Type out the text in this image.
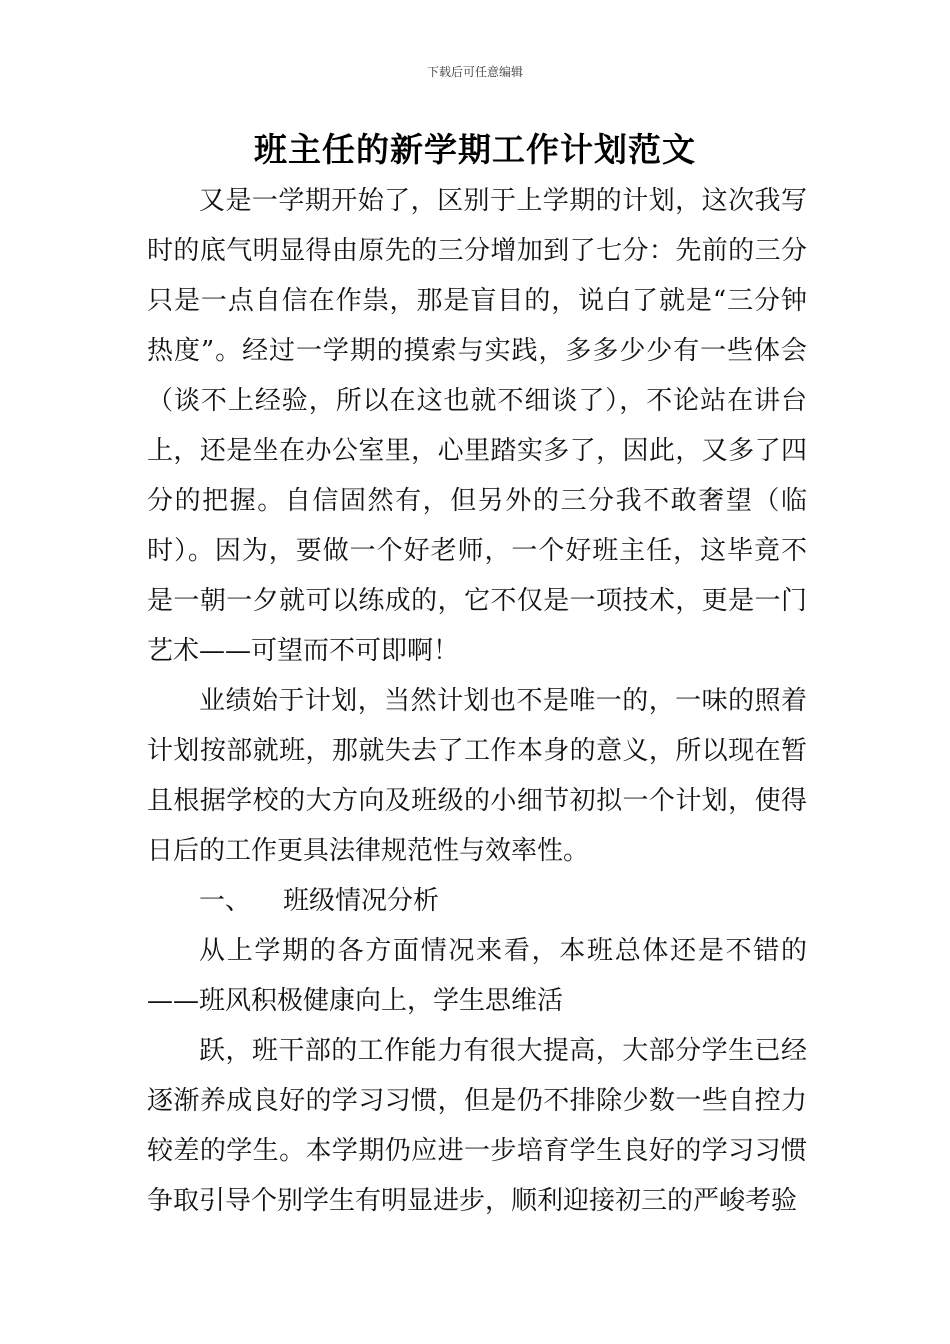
下载后可任意编辑
班主任的新学期工作计划范文

又是一学期开始了，区别于上学期的计划，这次我写时的底气明显得由原先的三分增加到了七分：先前的三分只是一点自信在作祟，那是盲目的，说白了就是“三分钟热度”。经过一学期的摸索与实践，多多少少有一些体会（谈不上经验，所以在这也就不细谈了），不论站在讲台上，还是坐在办公室里，心里踏实多了，因此，又多了四分的把握。自信固然有，但另外的三分我不敢奢望（临时）。因为，要做一个好老师，一个好班主任，这毕竟不是一朝一夕就可以练成的，它不仅是一项技术，更是一门艺术——可望而不可即啊！

业绩始于计划，当然计划也不是唯一的，一味的照着计划按部就班，那就失去了工作本身的意义，所以现在暂且根据学校的大方向及班级的小细节初拟一个计划，使得日后的工作更具法律规范性与效率性。

一、 班级情况分析

从上学期的各方面情况来看，本班总体还是不错的——班风积极健康向上，学生思维活

跃，班干部的工作能力有很大提高，大部分学生已经逐渐养成良好的学习习惯，但是仍不排除少数一些自控力较差的学生。本学期仍应进一步培育学生良好的学习习惯争取引导个别学生有明显进步，顺利迎接初三的严峻考验
